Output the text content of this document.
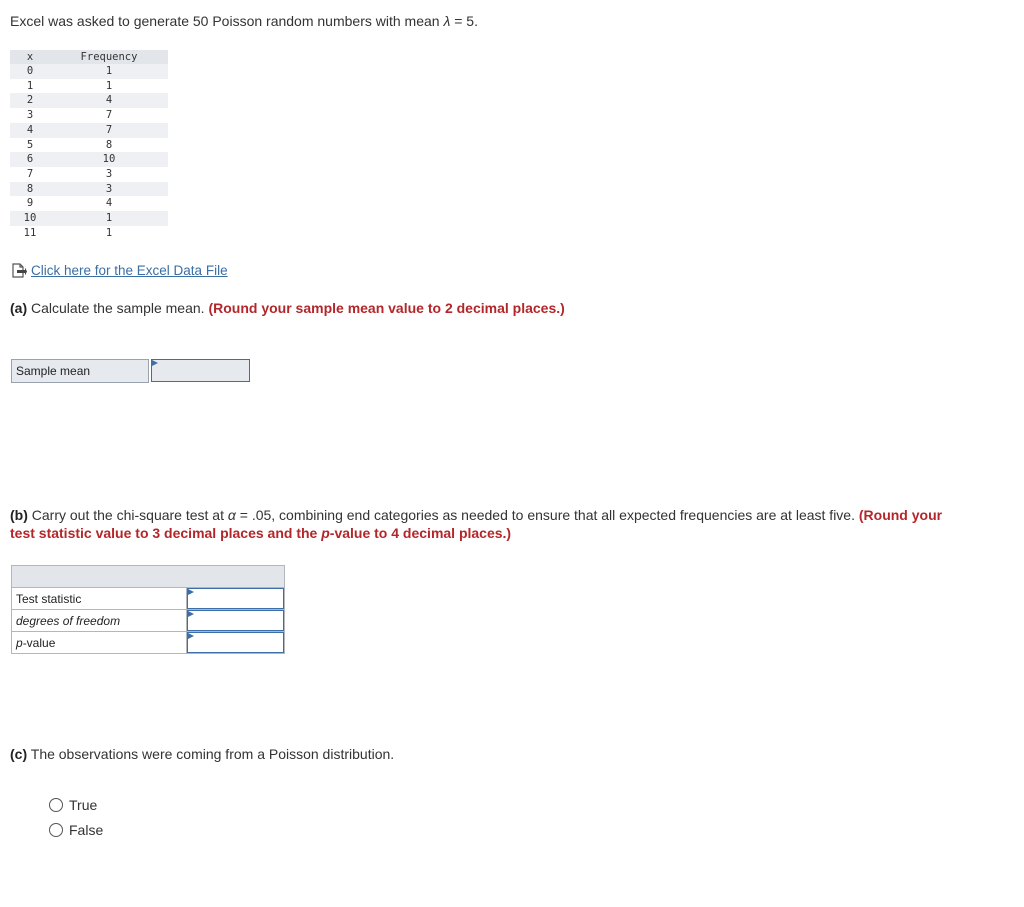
Excel was asked to generate 50 Poisson random numbers with mean λ = 5.
x	Frequency
0	1
1	1
2	4
3	7
4	7
5	8
6	10
7	3
8	3
9	4
10	1
11	1
Click here for the Excel Data File
(a) Calculate the sample mean. (Round your sample mean value to 2 decimal places.)
Sample mean
(b) Carry out the chi-square test at α = .05, combining end categories as needed to ensure that all expected frequencies are at least five. (Round your test statistic value to 3 decimal places and the p-value to 4 decimal places.)

Test statistic	

degrees of freedom	

p-value	
(c) The observations were coming from a Poisson distribution.
True
False
